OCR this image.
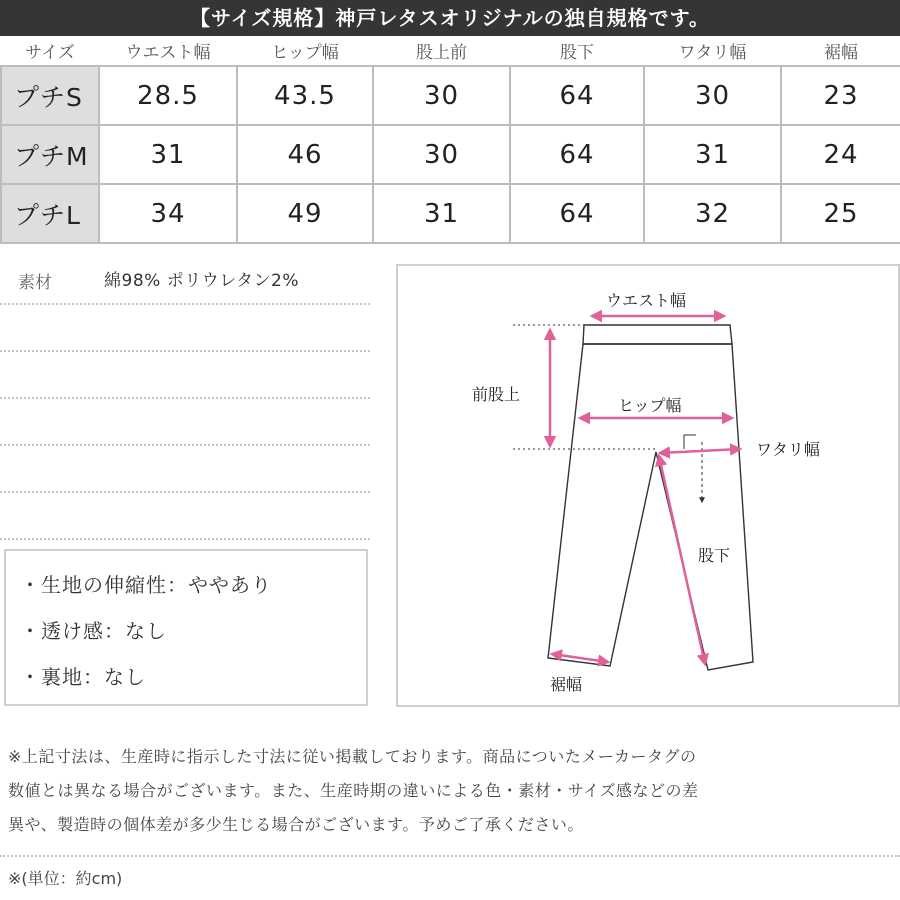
【サイズ規格】神戸レタスオリジナルの独自規格です。
サイズ	ウエスト幅	ヒップ幅	股上前	股下	ワタリ幅	裾幅
プチS	28.5	43.5	30	64	30	23
プチM	31	46	30	64	31	24
プチL	34	49	31	64	32	25
素材	綿98% ポリウレタン2%
・生地の伸縮性：ややあり
・透け感：なし
・裏地：なし
ウエスト幅
前股上
ヒップ幅
ワタリ幅
股下
裾幅
※上記寸法は、生産時に指示した寸法に従い掲載しております。商品についたメーカータグの
数値とは異なる場合がございます。また、生産時期の違いによる色・素材・サイズ感などの差
異や、製造時の個体差が多少生じる場合がございます。予めご了承ください。
※(単位：約cm)
